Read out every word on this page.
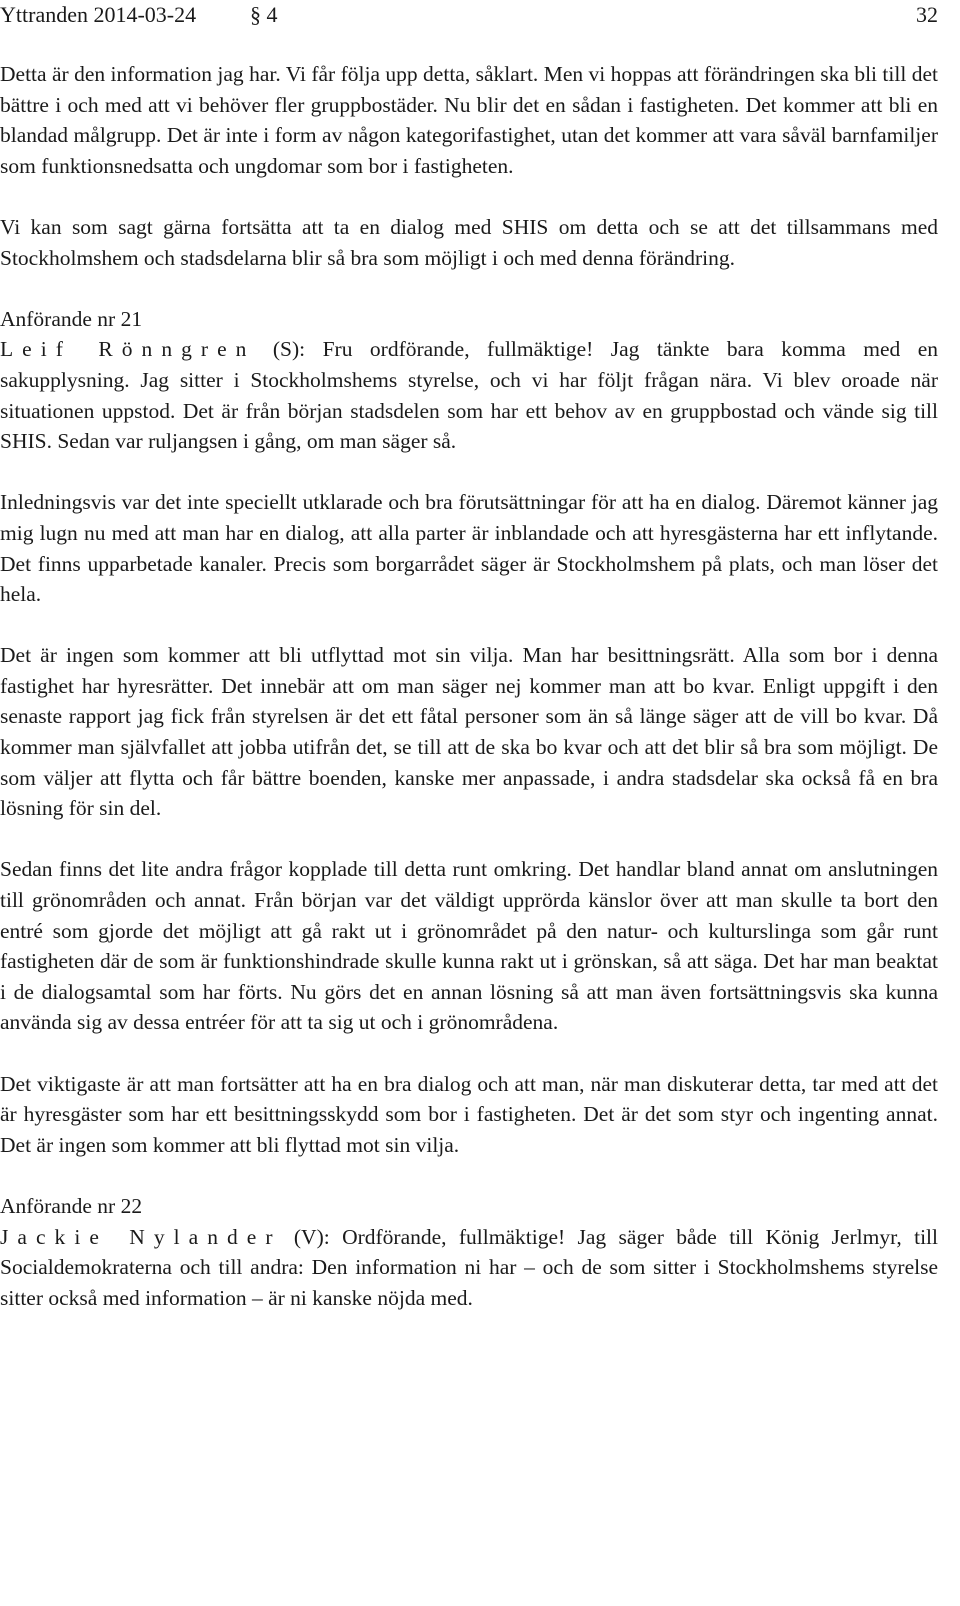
Yttranden 2014-03-24 § 4	32

Detta är den information jag har. Vi får följa upp detta, såklart. Men vi hoppas att förändringen ska bli till det bättre i och med att vi behöver fler gruppbostäder. Nu blir det en sådan i fastigheten. Det kommer att bli en blandad målgrupp. Det är inte i form av någon kategorifastighet, utan det kommer att vara såväl barnfamiljer som funktionsnedsatta och ungdomar som bor i fastigheten.

Vi kan som sagt gärna fortsätta att ta en dialog med SHIS om detta och se att det tillsammans med Stockholmshem och stadsdelarna blir så bra som möjligt i och med denna förändring.

Anförande nr 21

Leif Rönngren (S): Fru ordförande, fullmäktige! Jag tänkte bara komma med en sakupplysning. Jag sitter i Stockholmshems styrelse, och vi har följt frågan nära. Vi blev oroade när situationen uppstod. Det är från början stadsdelen som har ett behov av en gruppbostad och vände sig till SHIS. Sedan var ruljangsen i gång, om man säger så.

Inledningsvis var det inte speciellt utklarade och bra förutsättningar för att ha en dialog. Däremot känner jag mig lugn nu med att man har en dialog, att alla parter är inblandade och att hyresgästerna har ett inflytande. Det finns upparbetade kanaler. Precis som borgarrådet säger är Stockholmshem på plats, och man löser det hela.

Det är ingen som kommer att bli utflyttad mot sin vilja. Man har besittningsrätt. Alla som bor i denna fastighet har hyresrätter. Det innebär att om man säger nej kommer man att bo kvar. Enligt uppgift i den senaste rapport jag fick från styrelsen är det ett fåtal personer som än så länge säger att de vill bo kvar. Då kommer man självfallet att jobba utifrån det, se till att de ska bo kvar och att det blir så bra som möjligt. De som väljer att flytta och får bättre boenden, kanske mer anpassade, i andra stadsdelar ska också få en bra lösning för sin del.

Sedan finns det lite andra frågor kopplade till detta runt omkring. Det handlar bland annat om anslutningen till grönområden och annat. Från början var det väldigt upprörda känslor över att man skulle ta bort den entré som gjorde det möjligt att gå rakt ut i grönområdet på den natur- och kulturslinga som går runt fastigheten där de som är funktionshindrade skulle kunna rakt ut i grönskan, så att säga. Det har man beaktat i de dialogsamtal som har förts. Nu görs det en annan lösning så att man även fortsättningsvis ska kunna använda sig av dessa entréer för att ta sig ut och i grönområdena.

Det viktigaste är att man fortsätter att ha en bra dialog och att man, när man diskuterar detta, tar med att det är hyresgäster som har ett besittningsskydd som bor i fastigheten. Det är det som styr och ingenting annat. Det är ingen som kommer att bli flyttad mot sin vilja.

Anförande nr 22

Jackie Nylander (V): Ordförande, fullmäktige! Jag säger både till König Jerlmyr, till Socialdemokraterna och till andra: Den information ni har – och de som sitter i Stockholmshems styrelse sitter också med information – är ni kanske nöjda med.
